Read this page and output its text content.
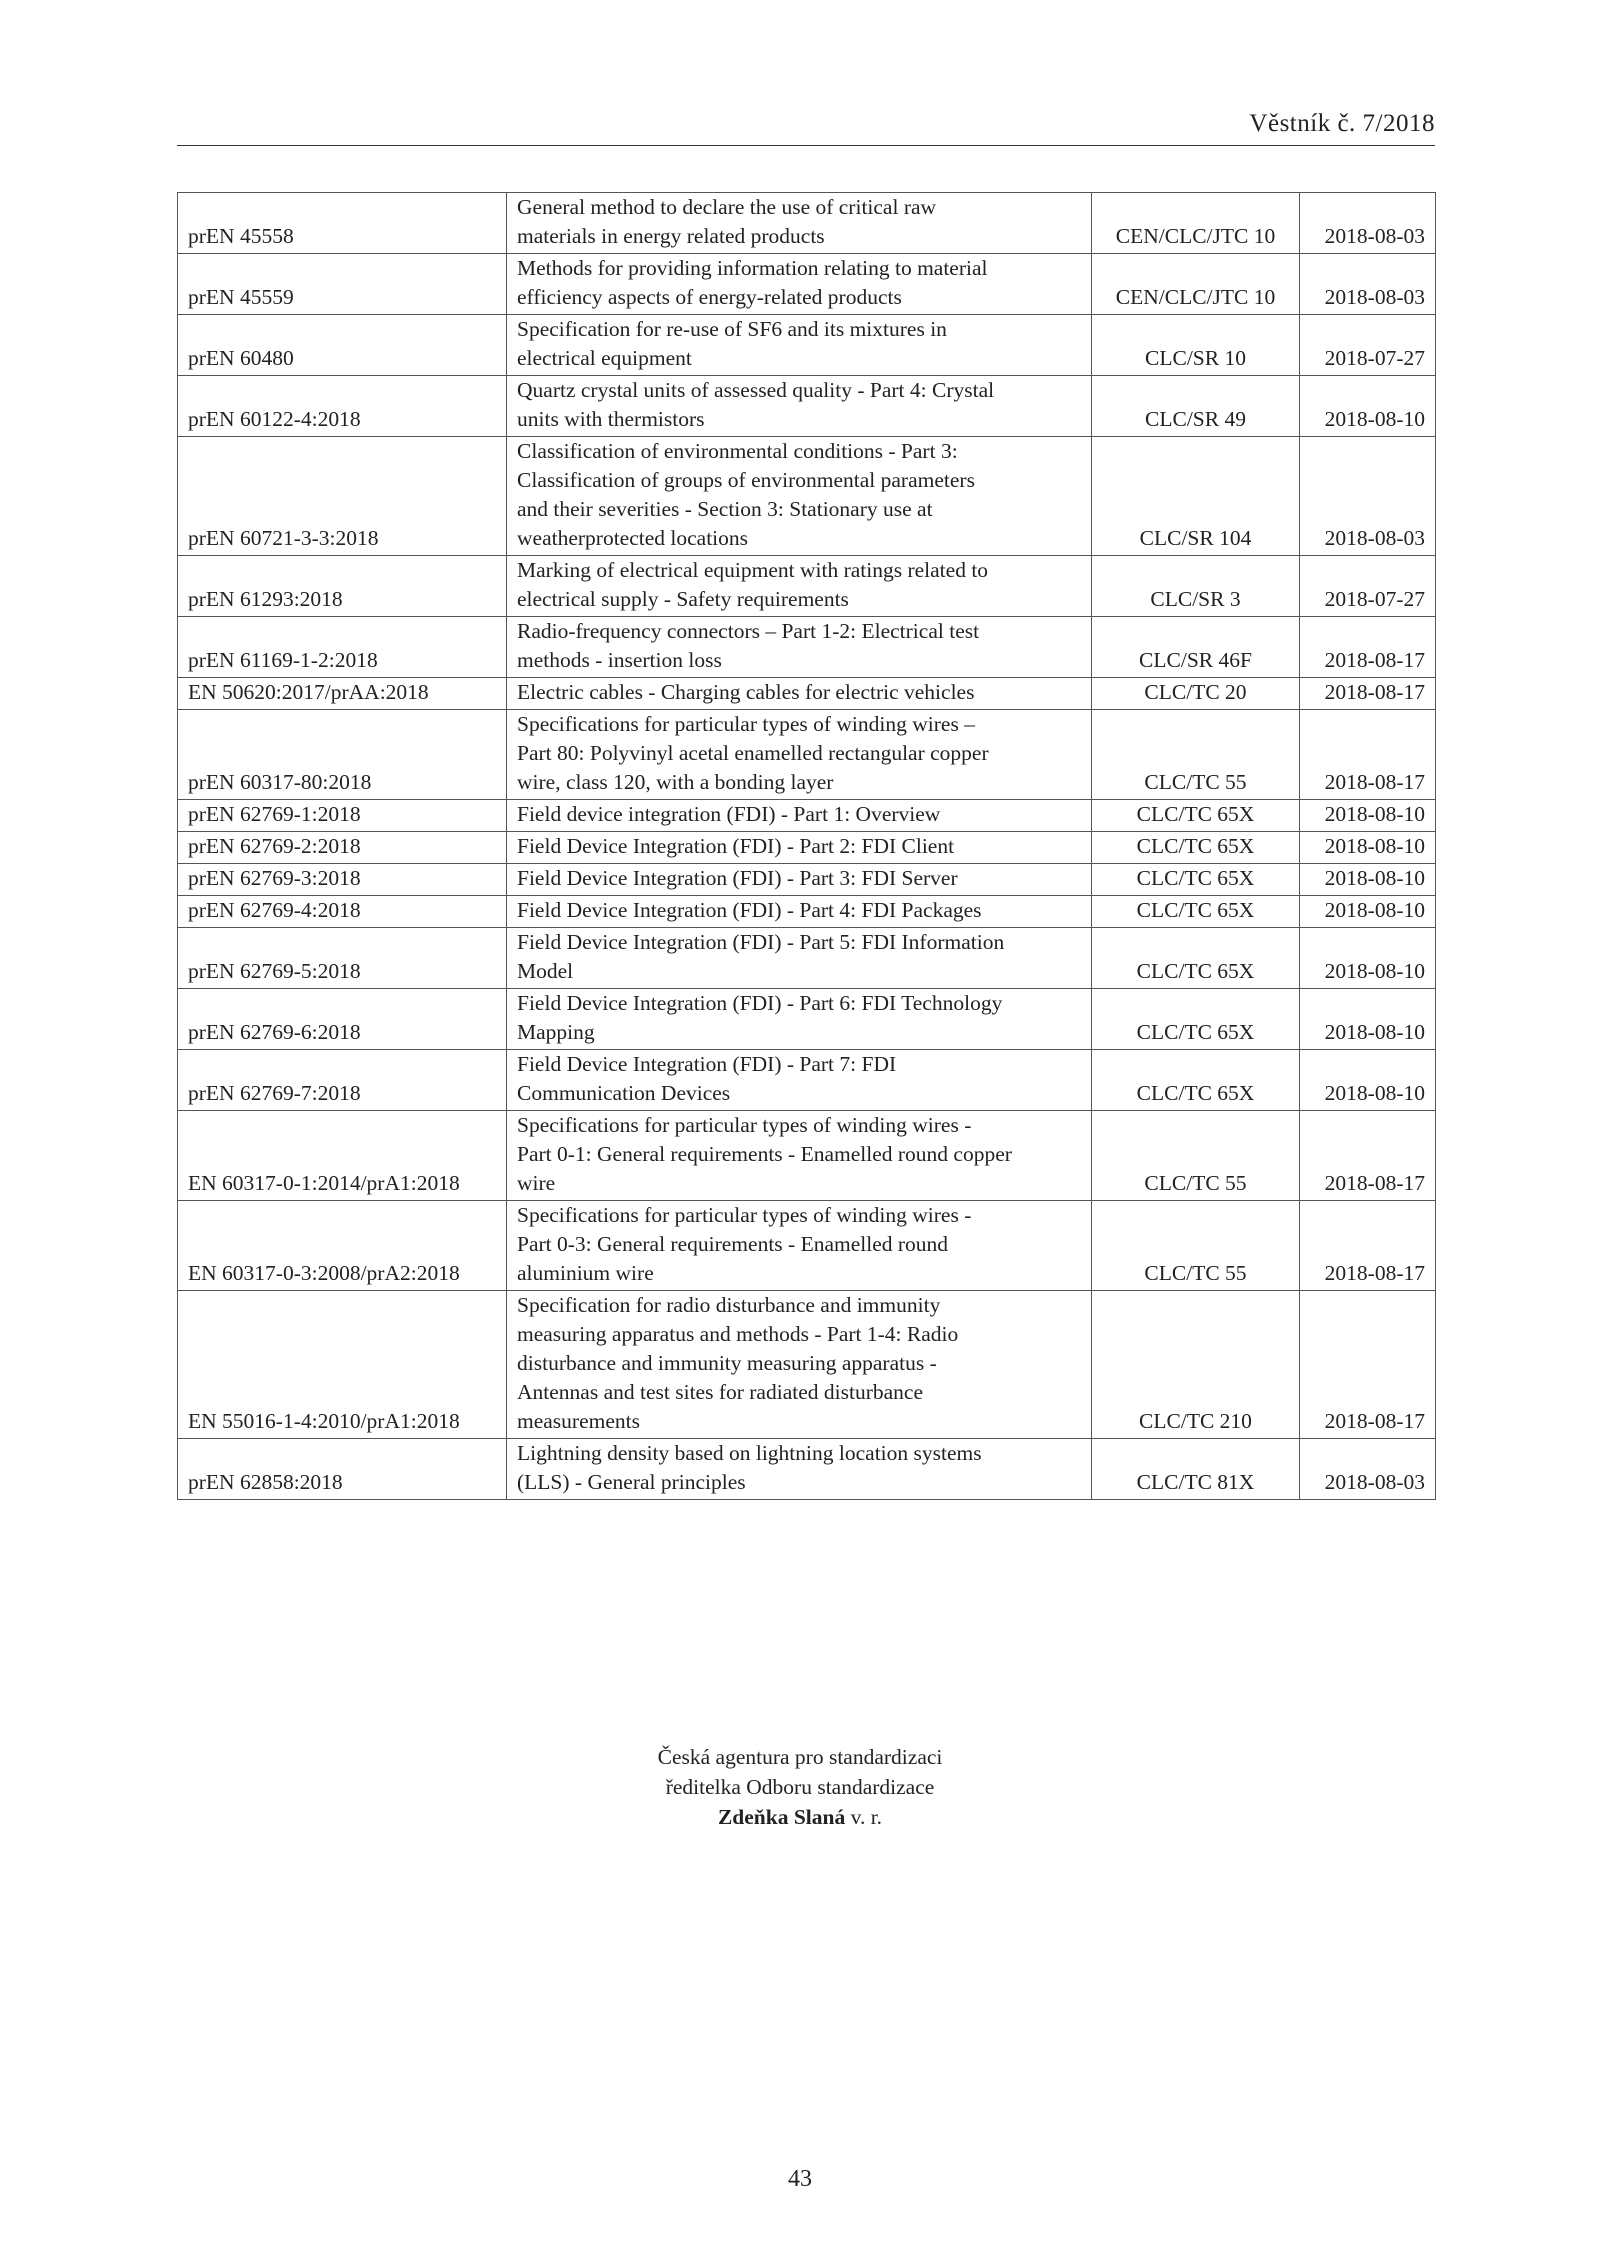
Věstník č. 7/2018
prEN 45558	General method to declare the use of critical raw
materials in energy related products	CEN/CLC/JTC 10	2018-08-03
prEN 45559	Methods for providing information relating to material
efficiency aspects of energy-related products	CEN/CLC/JTC 10	2018-08-03
prEN 60480	Specification for re-use of SF6 and its mixtures in
electrical equipment	CLC/SR 10	2018-07-27
prEN 60122-4:2018	Quartz crystal units of assessed quality - Part 4: Crystal
units with thermistors	CLC/SR 49	2018-08-10
prEN 60721-3-3:2018	Classification of environmental conditions - Part 3:
Classification of groups of environmental parameters
and their severities - Section 3: Stationary use at
weatherprotected locations	CLC/SR 104	2018-08-03
prEN 61293:2018	Marking of electrical equipment with ratings related to
electrical supply - Safety requirements	CLC/SR 3	2018-07-27
prEN 61169-1-2:2018	Radio-frequency connectors – Part 1-2: Electrical test
methods - insertion loss	CLC/SR 46F	2018-08-17
EN 50620:2017/prAA:2018	Electric cables - Charging cables for electric vehicles	CLC/TC 20	2018-08-17
prEN 60317-80:2018	Specifications for particular types of winding wires –
Part 80: Polyvinyl acetal enamelled rectangular copper
wire, class 120, with a bonding layer	CLC/TC 55	2018-08-17
prEN 62769-1:2018	Field device integration (FDI) - Part 1: Overview	CLC/TC 65X	2018-08-10
prEN 62769-2:2018	Field Device Integration (FDI) - Part 2: FDI Client	CLC/TC 65X	2018-08-10
prEN 62769-3:2018	Field Device Integration (FDI) - Part 3: FDI Server	CLC/TC 65X	2018-08-10
prEN 62769-4:2018	Field Device Integration (FDI) - Part 4: FDI Packages	CLC/TC 65X	2018-08-10
prEN 62769-5:2018	Field Device Integration (FDI) - Part 5: FDI Information
Model	CLC/TC 65X	2018-08-10
prEN 62769-6:2018	Field Device Integration (FDI) - Part 6: FDI Technology
Mapping	CLC/TC 65X	2018-08-10
prEN 62769-7:2018	Field Device Integration (FDI) - Part 7: FDI
Communication Devices	CLC/TC 65X	2018-08-10
EN 60317-0-1:2014/prA1:2018	Specifications for particular types of winding wires -
Part 0-1: General requirements - Enamelled round copper
wire	CLC/TC 55	2018-08-17
EN 60317-0-3:2008/prA2:2018	Specifications for particular types of winding wires -
Part 0-3: General requirements - Enamelled round
aluminium wire	CLC/TC 55	2018-08-17
EN 55016-1-4:2010/prA1:2018	Specification for radio disturbance and immunity
measuring apparatus and methods - Part 1-4: Radio
disturbance and immunity measuring apparatus -
Antennas and test sites for radiated disturbance
measurements	CLC/TC 210	2018-08-17
prEN 62858:2018	Lightning density based on lightning location systems
(LLS) - General principles	CLC/TC 81X	2018-08-03
Česká agentura pro standardizaci
ředitelka Odboru standardizace
Zdeňka Slaná v. r.
43
